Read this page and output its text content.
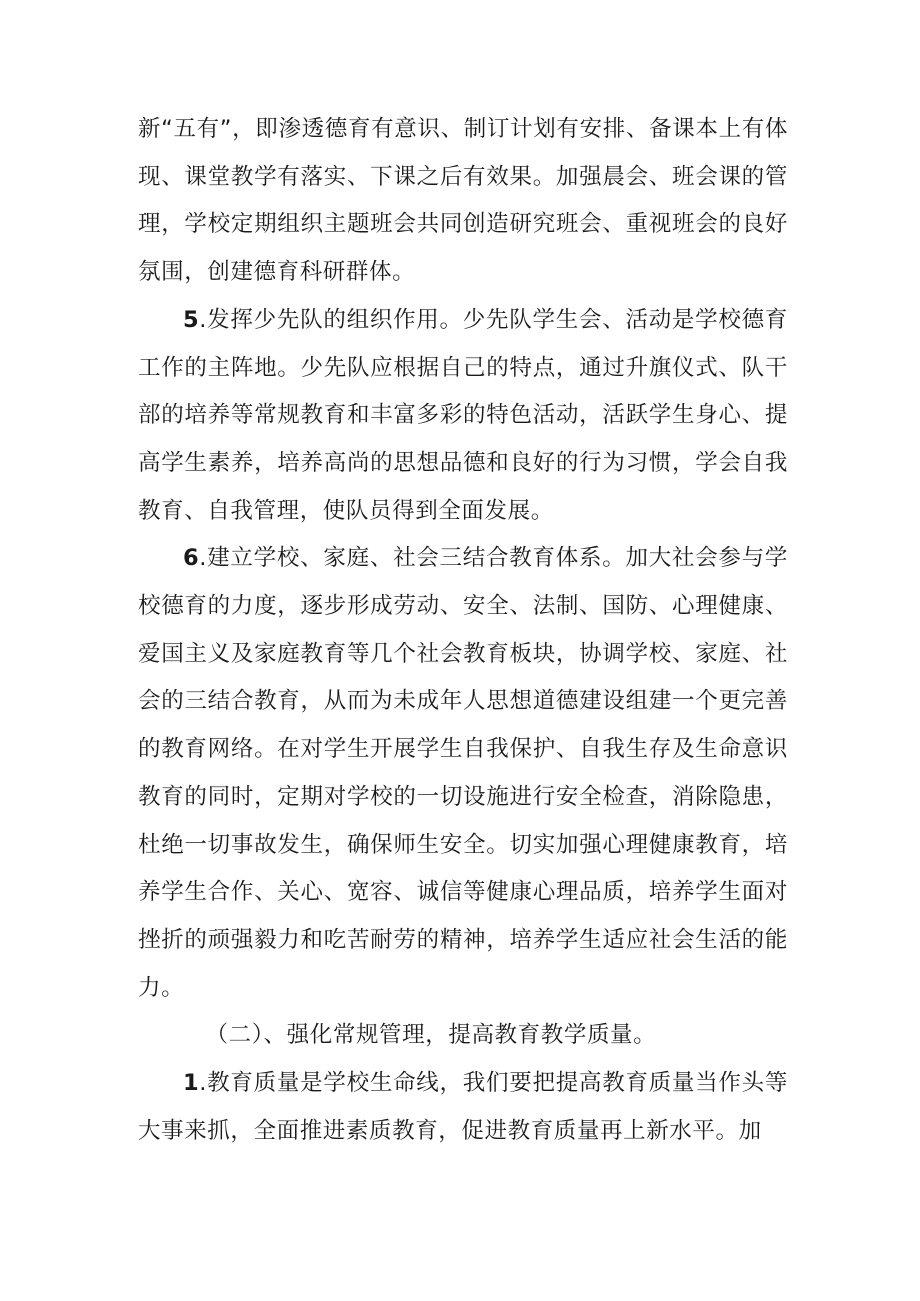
新“五有”，即渗透德育有意识、制订计划有安排、备课本上有体现、课堂教学有落实、下课之后有效果。加强晨会、班会课的管理，学校定期组织主题班会共同创造研究班会、重视班会的良好氛围，创建德育科研群体。

5.发挥少先队的组织作用。少先队学生会、活动是学校德育工作的主阵地。少先队应根据自己的特点，通过升旗仪式、队干部的培养等常规教育和丰富多彩的特色活动，活跃学生身心、提高学生素养，培养高尚的思想品德和良好的行为习惯，学会自我教育、自我管理，使队员得到全面发展。

6.建立学校、家庭、社会三结合教育体系。加大社会参与学校德育的力度，逐步形成劳动、安全、法制、国防、心理健康、爱国主义及家庭教育等几个社会教育板块，协调学校、家庭、社会的三结合教育，从而为未成年人思想道德建设组建一个更完善的教育网络。在对学生开展学生自我保护、自我生存及生命意识教育的同时，定期对学校的一切设施进行安全检查，消除隐患，杜绝一切事故发生，确保师生安全。切实加强心理健康教育，培养学生合作、关心、宽容、诚信等健康心理品质，培养学生面对挫折的顽强毅力和吃苦耐劳的精神，培养学生适应社会生活的能力。

（二）、强化常规管理，提高教育教学质量。

1.教育质量是学校生命线，我们要把提高教育质量当作头等大事来抓，全面推进素质教育，促进教育质量再上新水平。加
